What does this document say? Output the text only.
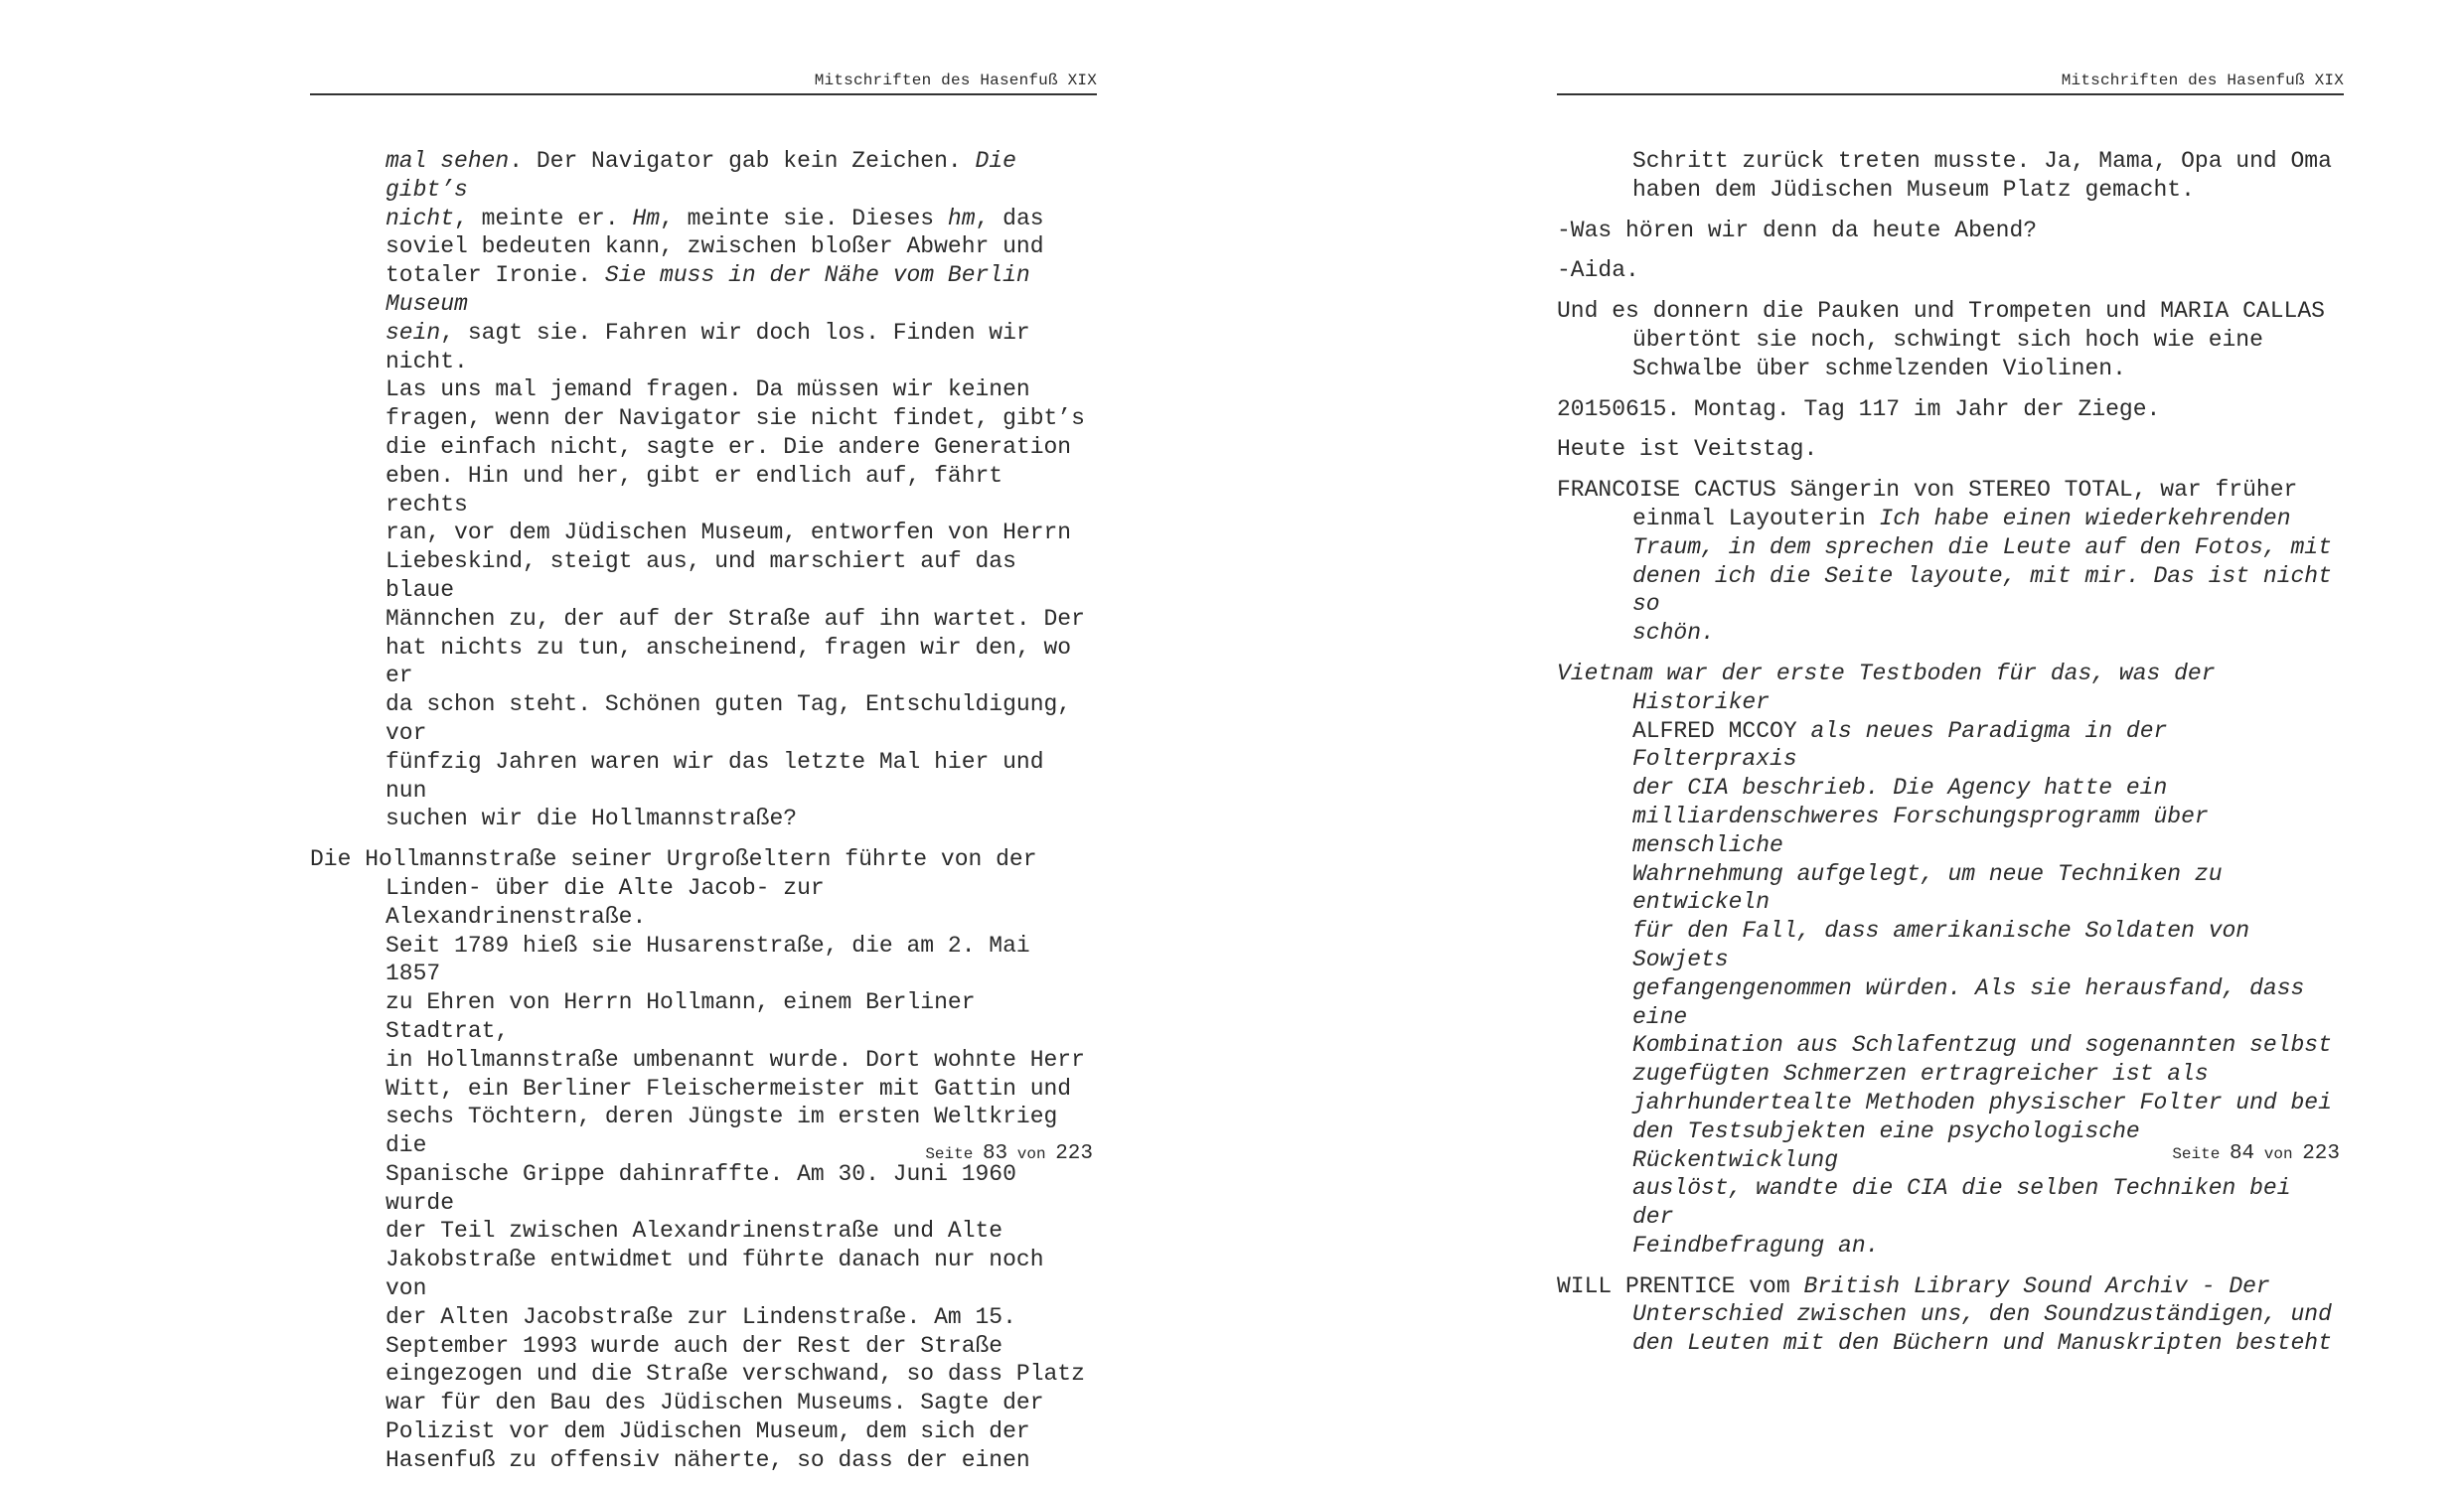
Mitschriften des Hasenfuß XIX

mal sehen. Der Navigator gab kein Zeichen. Die gibt’s
nicht, meinte er. Hm, meinte sie. Dieses hm, das
soviel bedeuten kann, zwischen bloßer Abwehr und
totaler Ironie. Sie muss in der Nähe vom Berlin Museum
sein, sagt sie. Fahren wir doch los. Finden wir nicht.
Las uns mal jemand fragen. Da müssen wir keinen
fragen, wenn der Navigator sie nicht findet, gibt’s
die einfach nicht, sagte er. Die andere Generation
eben. Hin und her, gibt er endlich auf, fährt rechts
ran, vor dem Jüdischen Museum, entworfen von Herrn
Liebeskind, steigt aus, und marschiert auf das blaue
Männchen zu, der auf der Straße auf ihn wartet. Der
hat nichts zu tun, anscheinend, fragen wir den, wo er
da schon steht. Schönen guten Tag, Entschuldigung, vor
fünfzig Jahren waren wir das letzte Mal hier und nun
suchen wir die Hollmannstraße?

Die Hollmannstraße seiner Urgroßeltern führte von der
Linden- über die Alte Jacob- zur Alexandrinenstraße.
Seit 1789 hieß sie Husarenstraße, die am 2. Mai 1857
zu Ehren von Herrn Hollmann, einem Berliner Stadtrat,
in Hollmannstraße umbenannt wurde. Dort wohnte Herr
Witt, ein Berliner Fleischermeister mit Gattin und
sechs Töchtern, deren Jüngste im ersten Weltkrieg die
Spanische Grippe dahinraffte. Am 30. Juni 1960 wurde
der Teil zwischen Alexandrinenstraße und Alte
Jakobstraße entwidmet und führte danach nur noch von
der Alten Jacobstraße zur Lindenstraße. Am 15.
September 1993 wurde auch der Rest der Straße
eingezogen und die Straße verschwand, so dass Platz
war für den Bau des Jüdischen Museums. Sagte der
Polizist vor dem Jüdischen Museum, dem sich der
Hasenfuß zu offensiv näherte, so dass der einen

Seite 83 von 223
Mitschriften des Hasenfuß XIX

Schritt zurück treten musste. Ja, Mama, Opa und Oma
haben dem Jüdischen Museum Platz gemacht.

-Was hören wir denn da heute Abend?

-Aida.

Und es donnern die Pauken und Trompeten und MARIA CALLAS
übertönt sie noch, schwingt sich hoch wie eine
Schwalbe über schmelzenden Violinen.

20150615. Montag. Tag 117 im Jahr der Ziege.

Heute ist Veitstag.

FRANCOISE CACTUS Sängerin von STEREO TOTAL, war früher
einmal Layouterin Ich habe einen wiederkehrenden
Traum, in dem sprechen die Leute auf den Fotos, mit
denen ich die Seite layoute, mit mir. Das ist nicht so
schön.

Vietnam war der erste Testboden für das, was der Historiker
ALFRED MCCOY als neues Paradigma in der Folterpraxis
der CIA beschrieb. Die Agency hatte ein
milliardenschweres Forschungsprogramm über menschliche
Wahrnehmung aufgelegt, um neue Techniken zu entwickeln
für den Fall, dass amerikanische Soldaten von Sowjets
gefangengenommen würden. Als sie herausfand, dass eine
Kombination aus Schlafentzug und sogenannten selbst
zugefügten Schmerzen ertragreicher ist als
jahrhundertealte Methoden physischer Folter und bei
den Testsubjekten eine psychologische Rückentwicklung
auslöst, wandte die CIA die selben Techniken bei der
Feindbefragung an.

WILL PRENTICE vom British Library Sound Archiv - Der
Unterschied zwischen uns, den Soundzuständigen, und
den Leuten mit den Büchern und Manuskripten besteht

Seite 84 von 223
